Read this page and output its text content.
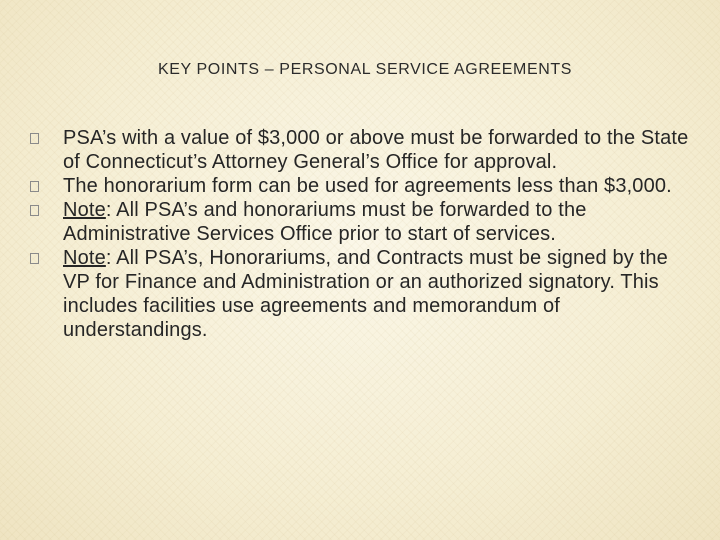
KEY POINTS – PERSONAL SERVICE AGREEMENTS
PSA’s with a value of $3,000 or above must be forwarded to the State of Connecticut’s Attorney General’s Office for approval.
The honorarium form can be used for agreements less than $3,000.
Note: All PSA’s and honorariums must be forwarded to the Administrative Services Office prior to start of services.
Note: All PSA’s, Honorariums, and Contracts must be signed by the VP for Finance and Administration or an authorized signatory. This includes facilities use agreements and memorandum of understandings.
